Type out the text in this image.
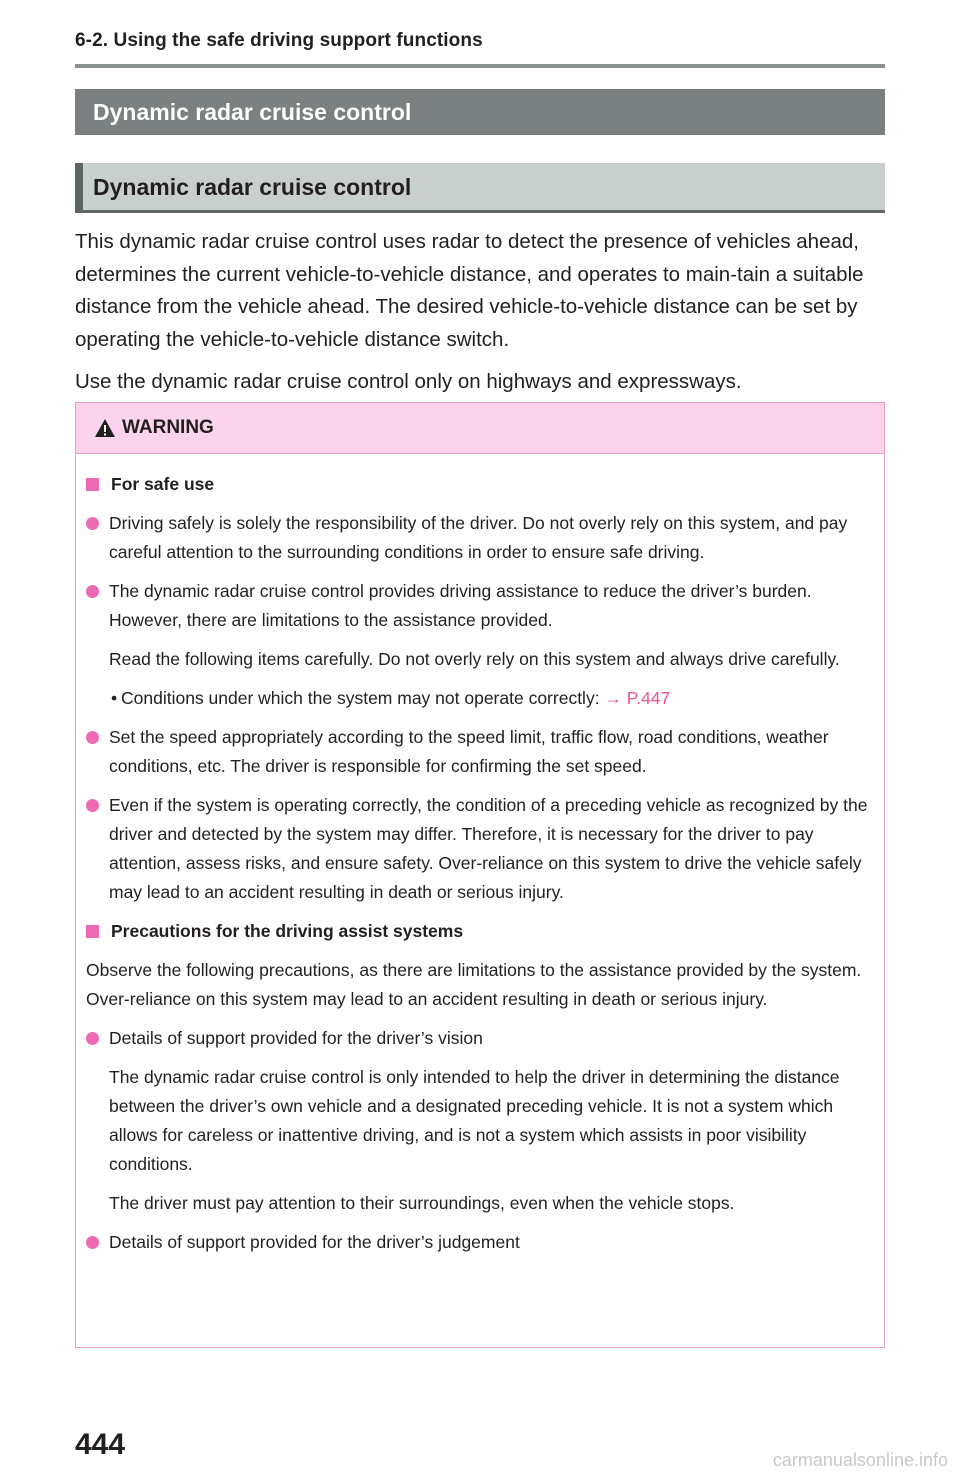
6-2. Using the safe driving support functions
Dynamic radar cruise control
Dynamic radar cruise control

This dynamic radar cruise control uses radar to detect the presence of vehicles ahead, determines the current vehicle-to-vehicle distance, and operates to main-tain a suitable distance from the vehicle ahead. The desired vehicle-to-vehicle distance can be set by operating the vehicle-to-vehicle distance switch.

Use the dynamic radar cruise control only on highways and expressways.

WARNING
For safe use
Driving safely is solely the responsibility of the driver. Do not overly rely on this system, and pay careful attention to the surrounding conditions in order to ensure safe driving.
The dynamic radar cruise control provides driving assistance to reduce the driver’s burden. However, there are limitations to the assistance provided.
Read the following items carefully. Do not overly rely on this system and always drive carefully.
• Conditions under which the system may not operate correctly: → P.447
Set the speed appropriately according to the speed limit, traffic flow, road conditions, weather conditions, etc. The driver is responsible for confirming the set speed.
Even if the system is operating correctly, the condition of a preceding vehicle as recognized by the driver and detected by the system may differ. Therefore, it is necessary for the driver to pay attention, assess risks, and ensure safety. Over-reliance on this system to drive the vehicle safely may lead to an accident resulting in death or serious injury.
Precautions for the driving assist systems
Observe the following precautions, as there are limitations to the assistance provided by the system. Over-reliance on this system may lead to an accident resulting in death or serious injury.
Details of support provided for the driver’s vision
The dynamic radar cruise control is only intended to help the driver in determining the distance between the driver’s own vehicle and a designated preceding vehicle. It is not a system which allows for careless or inattentive driving, and is not a system which assists in poor visibility conditions.
The driver must pay attention to their surroundings, even when the vehicle stops.
Details of support provided for the driver’s judgement
444	carmanualsonline.info
